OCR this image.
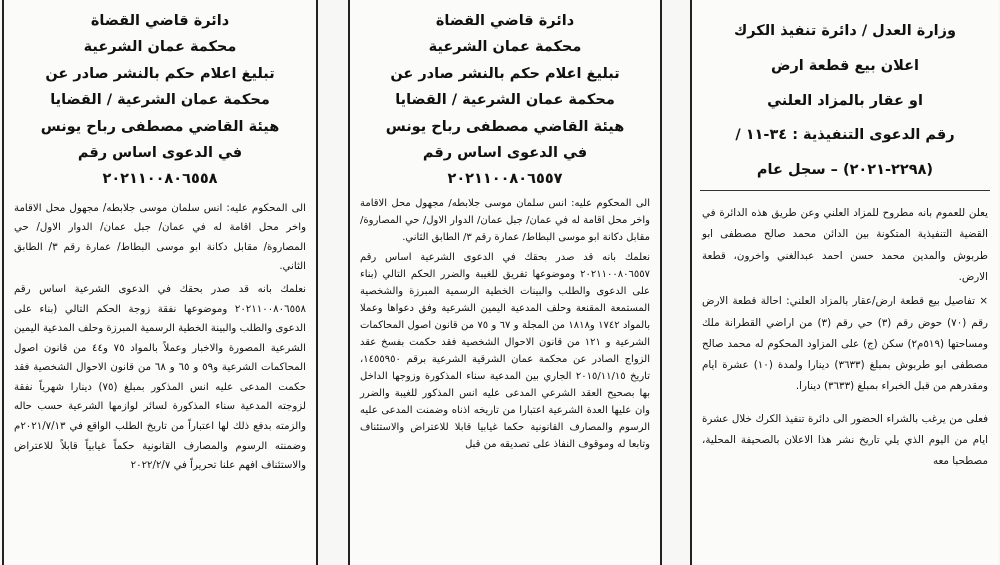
وزارة العدل / دائرة تنفيذ الكرك
اعلان بيع قطعة ارض
او عقار بالمزاد العلني
رقم الدعوى التنفيذية : ٣٤-١١ /
(٢٢٩٨-٢٠٢١) – سجل عام

يعلن للعموم بانه مطروح للمزاد العلني وعن طريق هذه الدائرة في القضية التنفيذية المتكونة بين الدائن محمد صالح مصطفى ابو طربوش والمدين محمد حسن احمد عبدالغني واخرون، قطعة الارض.

× تفاصيل بيع قطعة ارض/عقار بالمزاد العلني: احالة قطعة الارض رقم (٧٠) حوض رقم (٣) حي رقم (٣) من اراضي القطرانة ملك ومساحتها (٥١٩م٢) سكن (ج) على المزاود المحكوم له محمد صالح مصطفى ابو طربوش بمبلغ (٣٦٣٣) دينارا ولمدة (١٠) عشرة ايام ومقدرهم من قبل الخبراء بمبلغ (٣٦٣٣) دينارا.

فعلى من يرغب بالشراء الحضور الى دائرة تنفيذ الكرك خلال عشرة ايام من اليوم الذي يلي تاريخ نشر هذا الاعلان بالصحيفة المحلية، مصطحبا معه

دائرة قاضي القضاة
محكمة عمان الشرعية
تبليغ اعلام حكم بالنشر صادر عن
محكمة عمان الشرعية / القضايا
هيئة القاضي مصطفى رباح يونس
في الدعوى اساس رقم
٢٠٢١١٠٠٨٠٦٥٥٧

الى المحكوم عليه: انس سلمان موسى جلابطه/ مجهول محل الاقامة واخر محل اقامة له في عمان/ جبل عمان/ الدوار الاول/ حي المصاروة/ مقابل دكانة ابو موسى البطاط/ عمارة رقم ٣/ الطابق الثاني.

نعلمك بانه قد صدر بحقك في الدعوى الشرعية اساس رقم ٢٠٢١١٠٠٨٠٦٥٥٧ وموضوعها تفريق للغيبة والضرر الحكم التالي (بناء على الدعوى والطلب والبينات الخطية الرسمية المبرزة والشخصية المستمعة المقنعة وحلف المدعية اليمين الشرعية وفق دعواها وعملا بالمواد ١٧٤٢ و١٨١٨ من المجلة و ٦٧ و ٧٥ من قانون اصول المحاكمات الشرعية و ١٢١ من قانون الاحوال الشخصية فقد حكمت بفسخ عقد الزواج الصادر عن محكمة عمان الشرقية الشرعية برقم ١٤٥٥٩٥٠، تاريخ ٢٠١٥/١١/١٥ الجاري بين المدعية سناء المذكورة وزوجها الداخل بها بصحيح العقد الشرعي المدعى عليه انس المذكور للغيبة والضرر وان عليها العدة الشرعية اعتبارا من تاريخه اذناه وضمنت المدعى عليه الرسوم والمصارف القانونية حكما غيابيا قابلا للاعتراض والاستئناف وتابعا له وموقوف النفاذ على تصديقه من قبل

دائرة قاضي القضاة
محكمة عمان الشرعية
تبليغ اعلام حكم بالنشر صادر عن
محكمة عمان الشرعية / القضايا
هيئة القاضي مصطفى رباح يونس
في الدعوى اساس رقم
٢٠٢١١٠٠٨٠٦٥٥٨

الى المحكوم عليه: انس سلمان موسى جلابطه/ مجهول محل الاقامة واخر محل اقامة له في عمان/ جبل عمان/ الدوار الاول/ حي المصاروة/ مقابل دكانة ابو موسى البطاط/ عمارة رقم ٣/ الطابق الثاني.

نعلمك بانه قد صدر بحقك في الدعوى الشرعية اساس رقم ٢٠٢١١٠٠٨٠٦٥٥٨ وموضوعها نفقة زوجة الحكم التالي (بناء على الدعوى والطلب والبينة الخطية الرسمية المبرزة وحلف المدعية اليمين الشرعية المصورة والاخبار وعملاً بالمواد ٧٥ و٤٤ من قانون اصول المحاكمات الشرعية و٥٩ و ٦٥ و ٦٨ من قانون الاحوال الشخصية فقد حكمت المدعى عليه انس المذكور بمبلغ (٧٥) دينارا شهرياً نفقة لزوجته المدعية سناء المذكورة لسائر لوازمها الشرعية حسب حاله والزمته بدفع ذلك لها اعتباراً من تاريخ الطلب الواقع في ٢٠٢١/٧/١٣م وضمنته الرسوم والمصارف القانونية حكماً غيابياً قابلاً للاعتراض والاستئناف افهم علنا تحريراً في ٢٠٢٢/٢/٧
